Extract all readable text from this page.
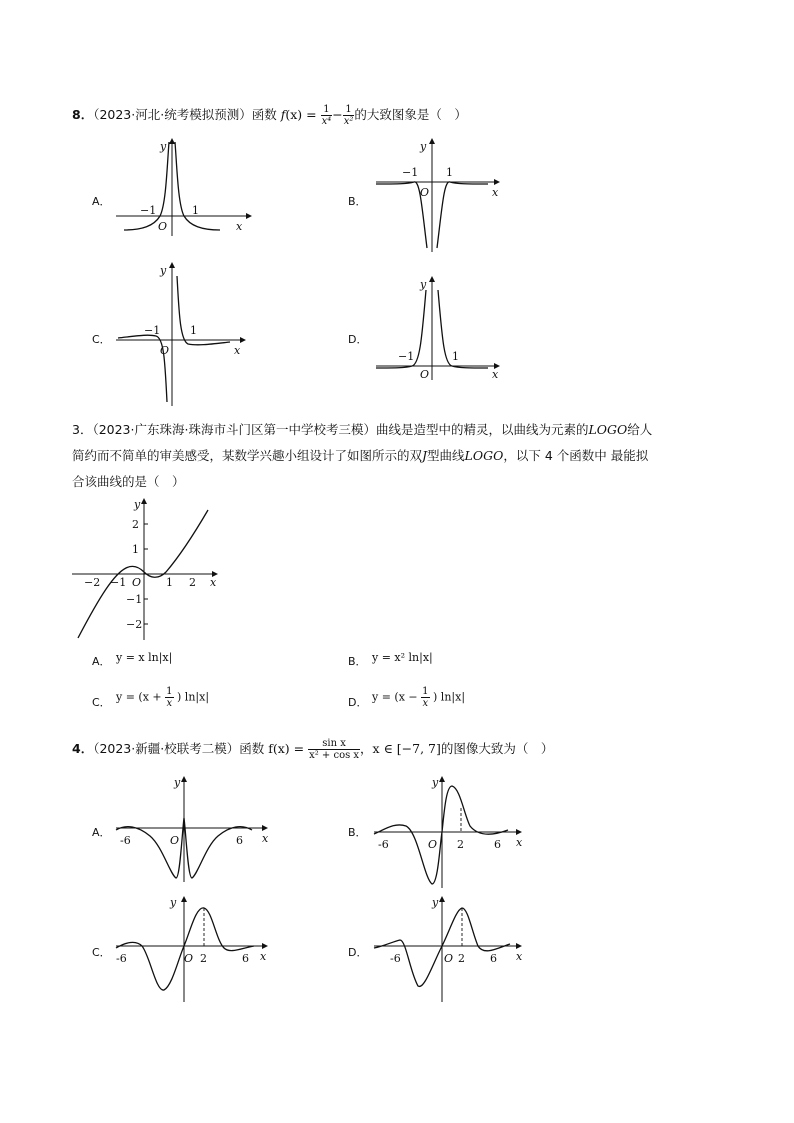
8．（2023·河北·统考模拟预测）函数 $f(x) = \frac{1}{\text{x⁴}} - \frac{1}{\text{x²}}$ 的大致图象是（　）
A．
−1	1
O	x
y
B．
−1	1
O	x
y
C．
−1	1
O	x
y
D．
−1	1
O	x
y
3．（2023·广东珠海·珠海市斗门区第一中学校考三模）曲线是造型中的精灵，以曲线为元素的LOGO给人
简约而不简单的审美感受，某数学兴趣小组设计了如图所示的双J型曲线LOGO，以下 4 个函数中 最能拟
合该曲线的是（　）
−2 −1	1 2
2
1
−1
−2
O	x
y
A． y = x ln|x|	B． y = x² ln|x|
C． $y = (x + \frac{1}{x}$ ) ln|x|	D． $y = (x - \frac{1}{x}$ ) ln|x|
4．（2023·新疆·校联考二模）函数 $f(x) = \frac{\text{sin x}}{\text{x² + cos x}}$ ，x ∈ [−7, 7]的图像大致为（　）
A．
-6	6
O	x
y
B．
-6	2	6
O	x
y
C． -6	2	6
O	x
y
D． -6	2 6
O	x
y
